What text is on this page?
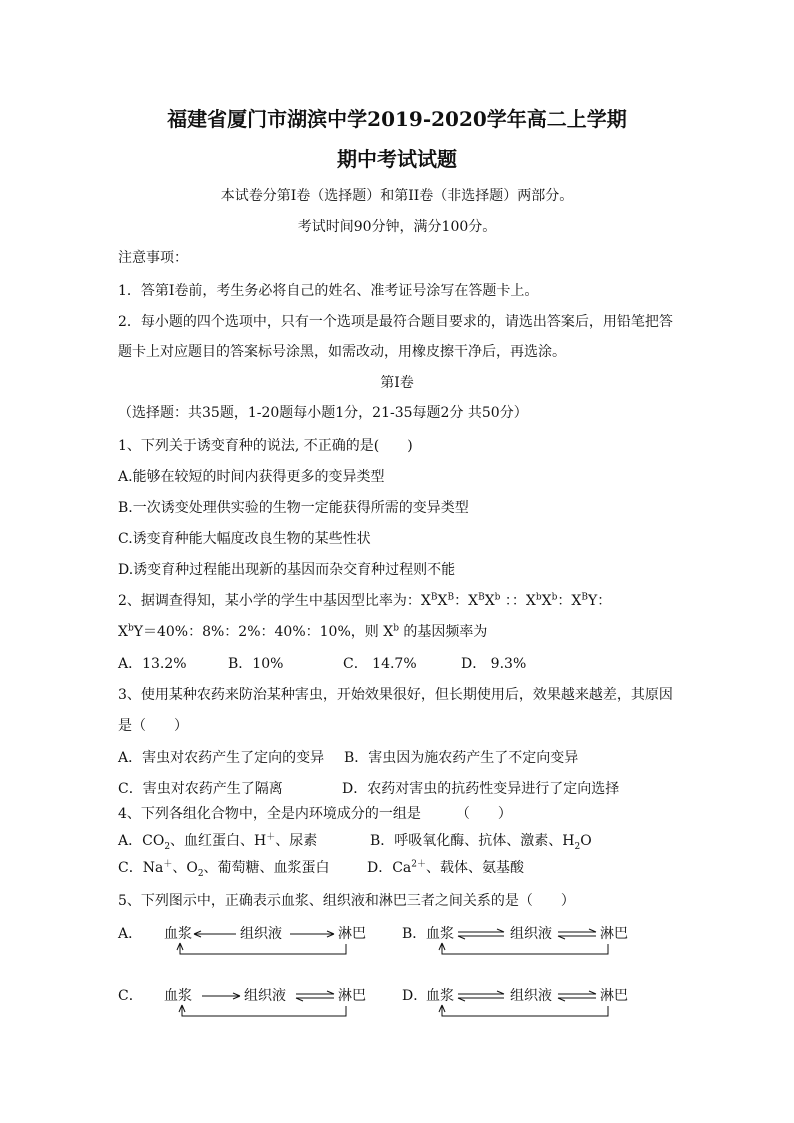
福建省厦门市湖滨中学2019-2020学年高二上学期
期中考试试题
本试卷分第I卷（选择题）和第II卷（非选择题）两部分。
考试时间90分钟，满分100分。
注意事项：
1．答第I卷前，考生务必将自己的姓名、准考证号涂写在答题卡上。
2．每小题的四个选项中，只有一个选项是最符合题目要求的，请选出答案后，用铅笔把答
题卡上对应题目的答案标号涂黑，如需改动，用橡皮擦干净后，再选涂。
第I卷
（选择题：共35题，1-20题每小题1分，21-35每题2分 共50分）
1、下列关于诱变育种的说法, 不正确的是(　　)
A.能够在较短的时间内获得更多的变异类型
B.一次诱变处理供实验的生物一定能获得所需的变异类型
C.诱变育种能大幅度改良生物的某些性状
D.诱变育种过程能出现新的基因而杂交育种过程则不能
2、据调查得知，某小学的学生中基因型比率为：$X^BX^B$：$X^BX^b$ ：：$X^bX^b$：$X^BY$：
$X^bY=40\%$：8%：2%：40%：10%，则 $X^b$ 的基因频率为
A．13.2%	B．10%	C． 14.7%	D． 9.3%
3、使用某种农药来防治某种害虫，开始效果很好，但长期使用后，效果越来越差，其原因
是（　　）
A．害虫对农药产生了定向的变异 B．害虫因为施农药产生了不定向变异
C．害虫对农药产生了隔离	D．农药对害虫的抗药性变异进行了定向选择
4、下列各组化合物中，全是内环境成分的一组是　　　（　　）
A．$CO_2$、血红蛋白、H＋、尿素	B．呼吸氧化酶、抗体、激素、$H_2O$
C．Na＋、$O_2$、葡萄糖、血浆蛋白	D．$Ca^{2+}$、载体、氨基酸
5、下列图示中，正确表示血浆、组织液和淋巴三者之间关系的是（　　）
A． 血浆	组织液	淋巴	B． 血浆	组织液	淋巴
C． 血浆	组织液	淋巴	D．
血浆	组织液	淋巴
